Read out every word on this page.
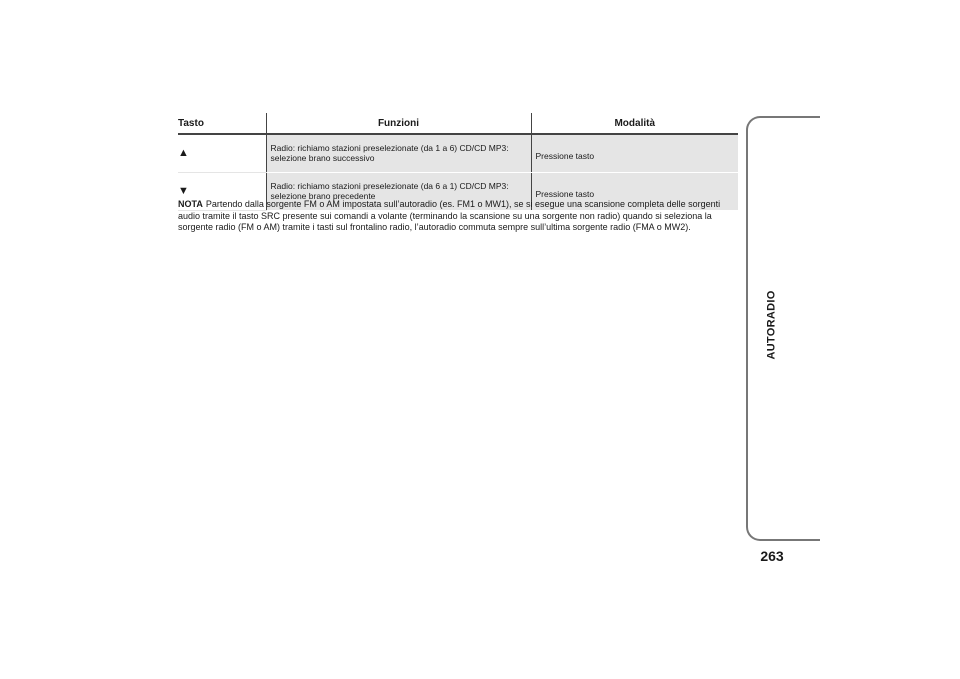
Tasto	Funzioni	Modalità
▲	Radio: richiamo stazioni preselezionate (da 1 a 6) CD/CD MP3: selezione brano successivo	Pressione tasto
▼	Radio: richiamo stazioni preselezionate (da 6 a 1) CD/CD MP3: selezione brano precedente	Pressione tasto

NOTA Partendo dalla sorgente FM o AM impostata sull’autoradio (es. FM1 o MW1), se si esegue una scansione completa delle sorgenti audio tramite il tasto SRC presente sui comandi a volante (terminando la scansione su una sorgente non radio) quando si seleziona la sorgente radio (FM o AM) tramite i tasti sul frontalino radio, l’autoradio commuta sempre sull’ultima sorgente radio (FMA o MW2).

AUTORADIO
263
